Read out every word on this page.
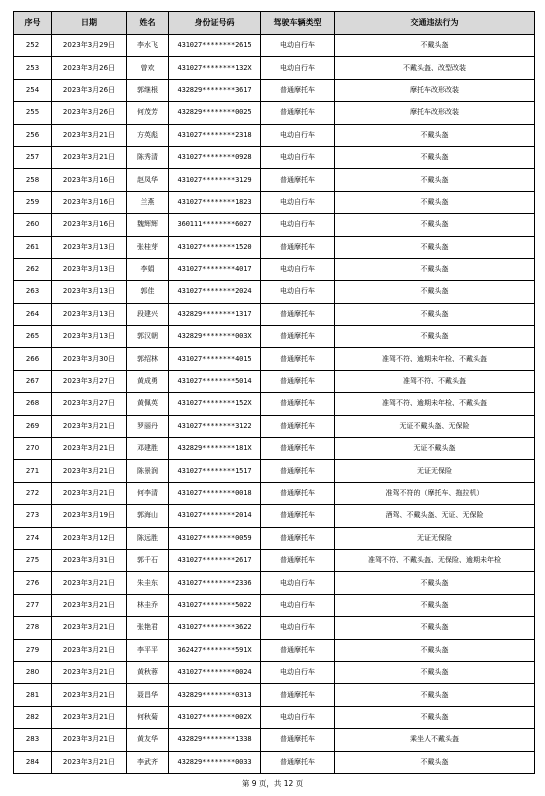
序号	日期	姓名	身份证号码	驾驶车辆类型	交通违法行为
252	2023年3月29日	李水飞	431027********2615	电动自行车	不戴头盔
253	2023年3月26日	曾欢	431027********132X	电动自行车	不戴头盔、改型改装
254	2023年3月26日	郭继根	432829********3617	普通摩托车	摩托车改形改装
255	2023年3月26日	何茂芳	432829********0025	普通摩托车	摩托车改形改装
256	2023年3月21日	方英彪	431027********2318	电动自行车	不戴头盔
257	2023年3月21日	陈秀清	431027********0928	电动自行车	不戴头盔
258	2023年3月16日	赵凤华	431027********3129	普通摩托车	不戴头盔
259	2023年3月16日	兰燕	431027********1823	电动自行车	不戴头盔
260	2023年3月16日	魏辉辉	360111********6027	电动自行车	不戴头盔
261	2023年3月13日	张桂芽	431027********1520	普通摩托车	不戴头盔
262	2023年3月13日	李娟	431027********4017	电动自行车	不戴头盔
263	2023年3月13日	郭佳	431027********2024	电动自行车	不戴头盔
264	2023年3月13日	段建兴	432829********1317	普通摩托车	不戴头盔
265	2023年3月13日	郭汉朝	432829********003X	普通摩托车	不戴头盔
266	2023年3月30日	郭绍林	431027********4015	普通摩托车	准驾不符、逾期未年检、不戴头盔
267	2023年3月27日	黄成勇	431027********5014	普通摩托车	准驾不符、不戴头盔
268	2023年3月27日	黄佩英	431027********152X	普通摩托车	准驾不符、逾期未年检、不戴头盔
269	2023年3月21日	罗丽丹	431027********3122	普通摩托车	无证不戴头盔、无保险
270	2023年3月21日	邓建胜	432829********181X	普通摩托车	无证不戴头盔
271	2023年3月21日	陈景润	431027********1517	普通摩托车	无证无保险
272	2023年3月21日	何李清	431027********0018	普通摩托车	准驾不符的（摩托车、拖拉机）
273	2023年3月19日	郭海山	431027********2014	普通摩托车	酒驾、不戴头盔、无证、无保险
274	2023年3月12日	陈远胜	431027********0059	普通摩托车	无证无保险
275	2023年3月31日	郭千石	431027********2617	普通摩托车	准驾不符、不戴头盔、无保险、逾期未年检
276	2023年3月21日	朱圭东	431027********2336	电动自行车	不戴头盔
277	2023年3月21日	林圭乔	431027********5022	电动自行车	不戴头盔
278	2023年3月21日	张艳君	431027********3622	电动自行车	不戴头盔
279	2023年3月21日	李平平	362427********591X	普通摩托车	不戴头盔
280	2023年3月21日	黄秋蓉	431027********0024	电动自行车	不戴头盔
281	2023年3月21日	聂昌华	432829********0313	普通摩托车	不戴头盔
282	2023年3月21日	何秋菊	431027********002X	电动自行车	不戴头盔
283	2023年3月21日	黄友华	432829********1338	普通摩托车	乘坐人不戴头盔
284	2023年3月21日	李武齐	432829********0033	普通摩托车	不戴头盔
第 9 页，共 12 页
